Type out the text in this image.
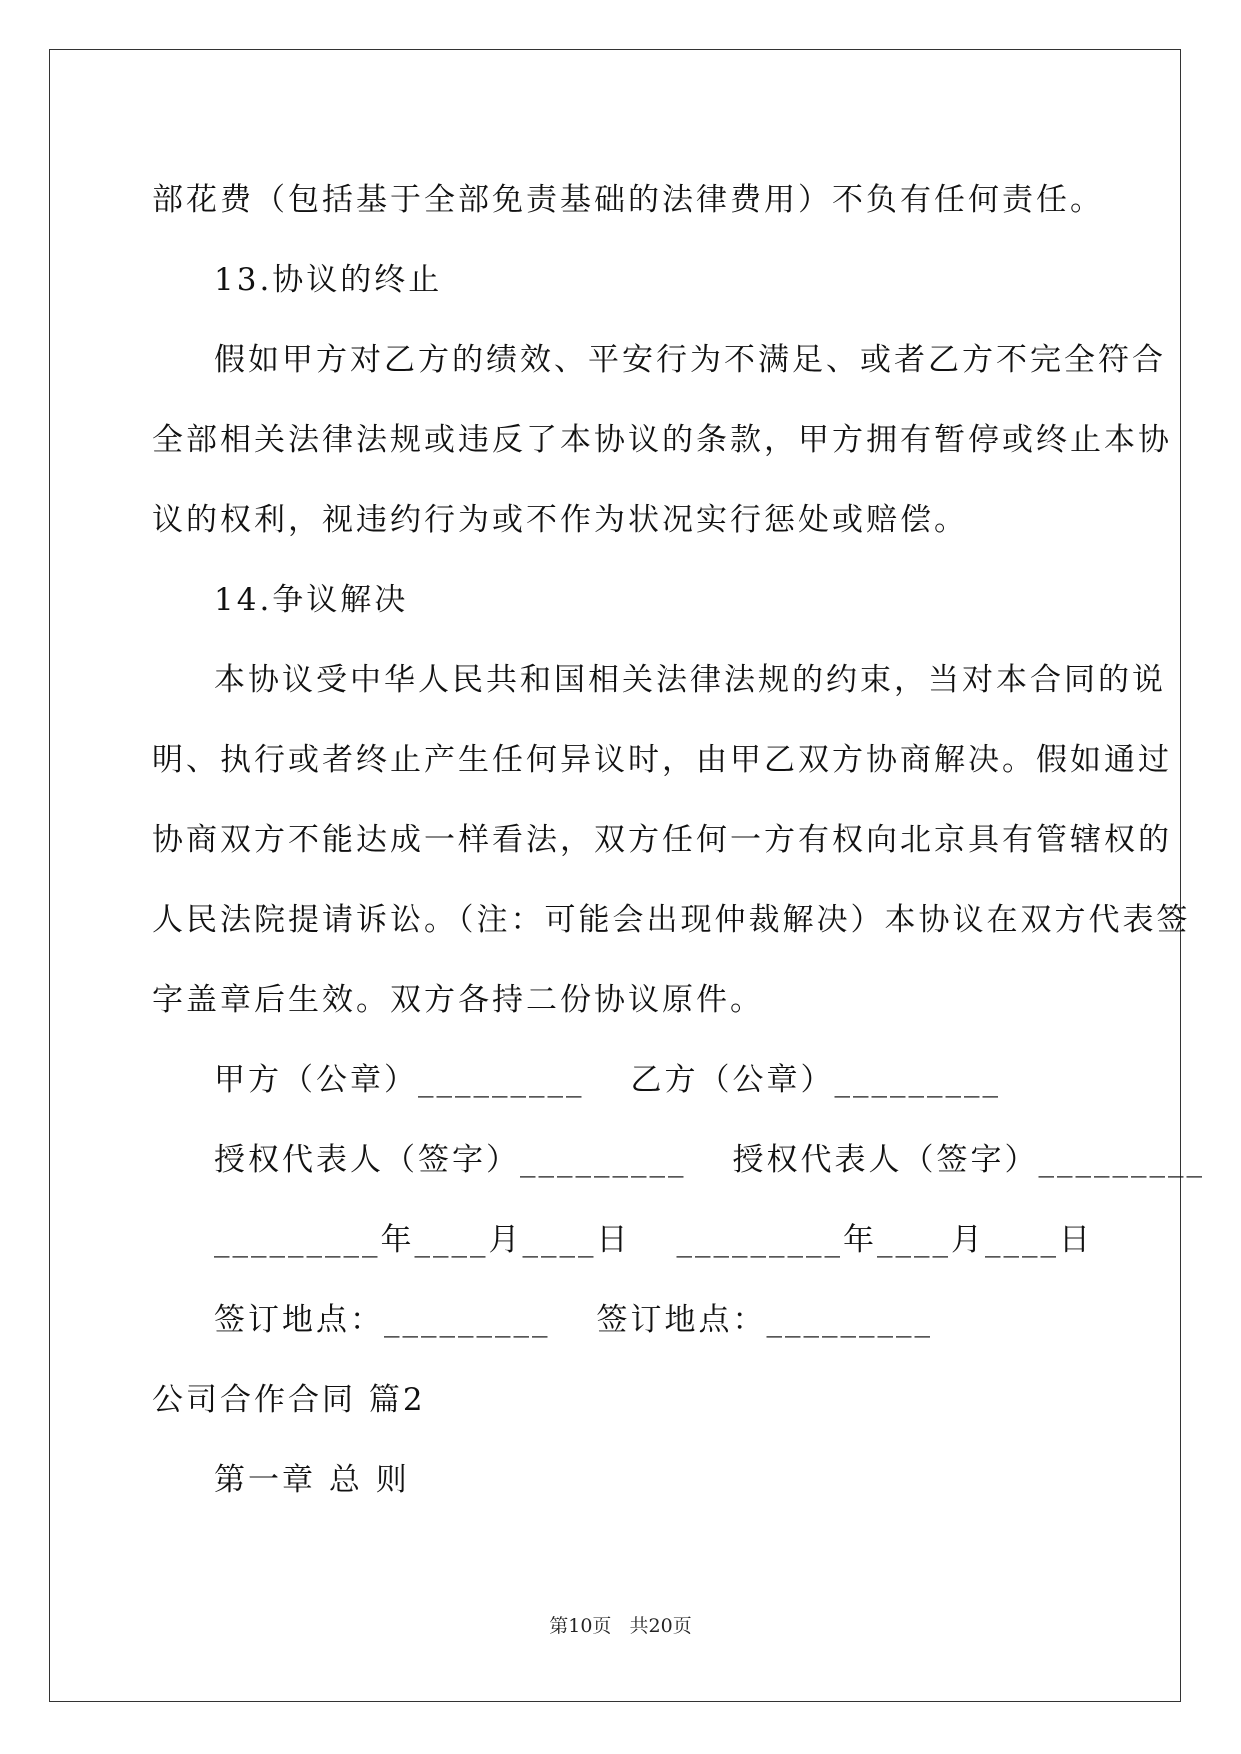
部花费（包括基于全部免责基础的法律费用）不负有任何责任。
13.协议的终止
假如甲方对乙方的绩效、平安行为不满足、或者乙方不完全符合
全部相关法律法规或违反了本协议的条款，甲方拥有暂停或终止本协
议的权利，视违约行为或不作为状况实行惩处或赔偿。
14.争议解决
本协议受中华人民共和国相关法律法规的约束，当对本合同的说
明、执行或者终止产生任何异议时，由甲乙双方协商解决。假如通过
协商双方不能达成一样看法，双方任何一方有权向北京具有管辖权的
人民法院提请诉讼。（注：可能会出现仲裁解决）本协议在双方代表签
字盖章后生效。双方各持二份协议原件。
甲方（公章）_________ 乙方（公章）_________
授权代表人（签字）_________ 授权代表人（签字）_________
_________年____月____日 _________年____月____日
签订地点：_________ 签订地点：_________
公司合作合同 篇2
第一章 总 则
第10页   共20页
